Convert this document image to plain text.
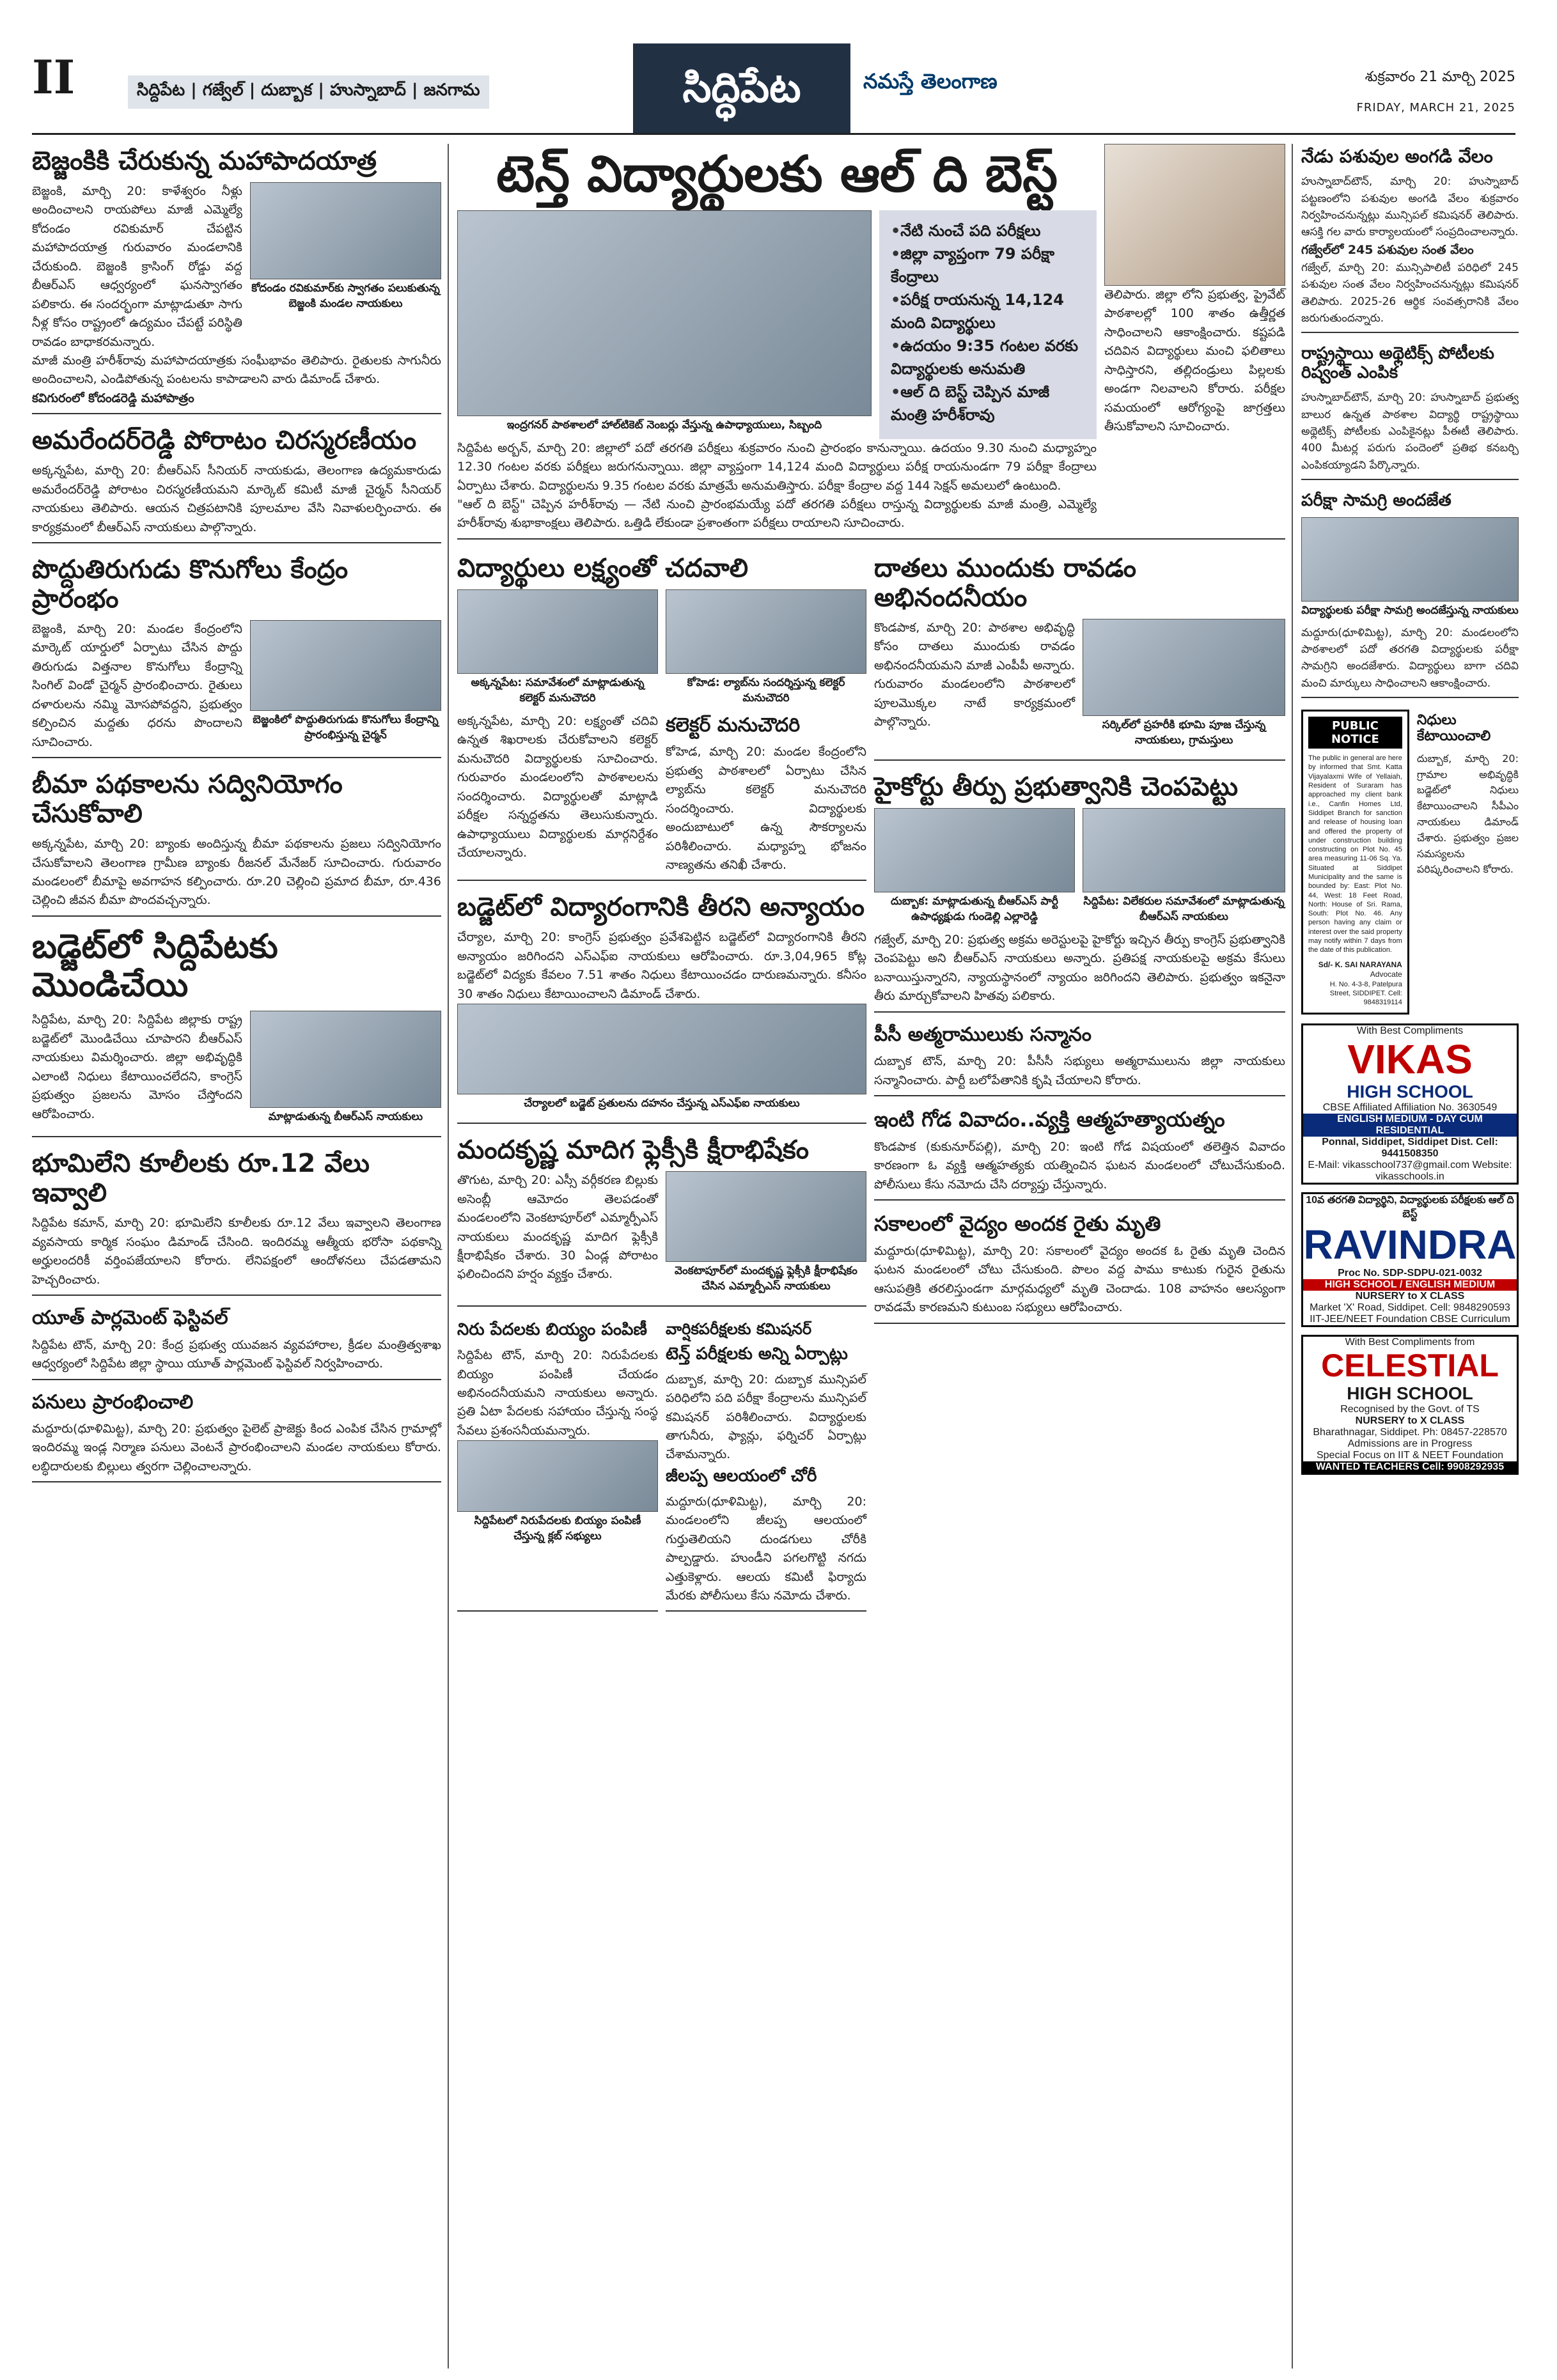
II	సిద్దిపేట | గజ్వేల్ | దుబ్బాక | హుస్నాబాద్ | జనగామ	సిద్ధిపేట	నమస్తే తెలంగాణ	శుక్రవారం 21 మార్చి 2025
FRIDAY, MARCH 21, 2025
బెజ్జంకికి చేరుకున్న మహాపాదయాత్ర
బెజ్జంకి, మార్చి 20: కాళేశ్వరం నీళ్లు అందించాలని రాయపోలు మాజీ ఎమ్మెల్యే కోదండం రవికుమార్ చేపట్టిన మహాపాదయాత్ర గురువారం మండలానికి చేరుకుంది. బెజ్జంకి క్రాసింగ్ రోడ్డు వద్ద బీఆర్ఎస్ ఆధ్వర్యంలో ఘనస్వాగతం పలికారు. ఈ సందర్భంగా మాట్లాడుతూ సాగు నీళ్ల కోసం రాష్ట్రంలో ఉద్యమం చేపట్టే పరిస్థితి రావడం బాధాకరమన్నారు.
కోదండం రవికుమార్‌కు స్వాగతం పలుకుతున్న బెజ్జంకి మండల నాయకులు
మాజీ మంత్రి హరీశ్‌రావు మహాపాదయాత్రకు సంఘీభావం తెలిపారు. రైతులకు సాగునీరు అందించాలని, ఎండిపోతున్న పంటలను కాపాడాలని వారు డిమాండ్ చేశారు.
కవిగురంలో కోదండరెడ్డి మహాపాత్రం
అమరేందర్‌రెడ్డి పోరాటం చిరస్మరణీయం
అక్కన్నపేట, మార్చి 20: బీఆర్ఎస్ సీనియర్ నాయకుడు, తెలంగాణ ఉద్యమకారుడు అమరేందర్‌రెడ్డి పోరాటం చిరస్మరణీయమని మార్కెట్ కమిటీ మాజీ చైర్మన్ సీనియర్ నాయకులు తెలిపారు. ఆయన చిత్రపటానికి పూలమాల వేసి నివాళులర్పించారు. ఈ కార్యక్రమంలో బీఆర్ఎస్ నాయకులు పాల్గొన్నారు.
పొద్దుతిరుగుడు కొనుగోలు కేంద్రం ప్రారంభం
బెజ్జంకి, మార్చి 20: మండల కేంద్రంలోని మార్కెట్ యార్డులో ఏర్పాటు చేసిన పొద్దు తిరుగుడు విత్తనాల కొనుగోలు కేంద్రాన్ని సింగిల్ విండో చైర్మన్ ప్రారంభించారు. రైతులు దళారులను నమ్మి మోసపోవద్దని, ప్రభుత్వం కల్పించిన మద్దతు ధరను పొందాలని సూచించారు.
బెజ్జంకిలో పొద్దుతిరుగుడు కొనుగోలు కేంద్రాన్ని ప్రారంభిస్తున్న చైర్మన్
బీమా పథకాలను సద్వినియోగం చేసుకోవాలి
అక్కన్నపేట, మార్చి 20: బ్యాంకు అందిస్తున్న బీమా పథకాలను ప్రజలు సద్వినియోగం చేసుకోవాలని తెలంగాణ గ్రామీణ బ్యాంకు రీజనల్ మేనేజర్ సూచించారు. గురువారం మండలంలో బీమాపై అవగాహన కల్పించారు. రూ.20 చెల్లించి ప్రమాద బీమా, రూ.436 చెల్లించి జీవన బీమా పొందవచ్చన్నారు.
బడ్జెట్‌లో సిద్దిపేటకు మొండిచేయి
సిద్దిపేట, మార్చి 20: సిద్దిపేట జిల్లాకు రాష్ట్ర బడ్జెట్‌లో మొండిచేయి చూపారని బీఆర్ఎస్ నాయకులు విమర్శించారు. జిల్లా అభివృద్ధికి ఎలాంటి నిధులు కేటాయించలేదని, కాంగ్రెస్ ప్రభుత్వం ప్రజలను మోసం చేస్తోందని ఆరోపించారు.	మాట్లాడుతున్న బీఆర్ఎస్ నాయకులు
భూమిలేని కూలీలకు రూ.12 వేలు ఇవ్వాలి
సిద్దిపేట కమాన్, మార్చి 20: భూమిలేని కూలీలకు రూ.12 వేలు ఇవ్వాలని తెలంగాణ వ్యవసాయ కార్మిక సంఘం డిమాండ్ చేసింది. ఇందిరమ్మ ఆత్మీయ భరోసా పథకాన్ని అర్హులందరికీ వర్తింపజేయాలని కోరారు. లేనిపక్షంలో ఆందోళనలు చేపడతామని హెచ్చరించారు.
యూత్ పార్లమెంట్ ఫెస్టివల్
సిద్దిపేట టౌన్, మార్చి 20: కేంద్ర ప్రభుత్వ యువజన వ్యవహారాల, క్రీడల మంత్రిత్వశాఖ ఆధ్వర్యంలో సిద్దిపేట జిల్లా స్థాయి యూత్ పార్లమెంట్ ఫెస్టివల్ నిర్వహించారు.
పనులు ప్రారంభించాలి
మద్దూరు(ధూళిమిట్ట), మార్చి 20: ప్రభుత్వం పైలెట్ ప్రాజెక్టు కింద ఎంపిక చేసిన గ్రామాల్లో ఇందిరమ్మ ఇండ్ల నిర్మాణ పనులు వెంటనే ప్రారంభించాలని మండల నాయకులు కోరారు. లబ్ధిదారులకు బిల్లులు త్వరగా చెల్లించాలన్నారు.
టెన్త్ విద్యార్థులకు ఆల్ ది బెస్ట్
ఇంద్రగనర్ పాఠశాలలో హాల్‌టికెట్ నెంబర్లు వేస్తున్న ఉపాధ్యాయులు, సిబ్బంది
• నేటి నుంచే పది పరీక్షలు
• జిల్లా వ్యాప్తంగా 79 పరీక్షా కేంద్రాలు
• పరీక్ష రాయనున్న 14,124 మంది విద్యార్థులు
• ఉదయం 9:35 గంటల వరకు విద్యార్థులకు అనుమతి
• ఆల్ ది బెస్ట్ చెప్పిన మాజీ మంత్రి హరీశ్‌రావు
సిద్దిపేట అర్బన్, మార్చి 20: జిల్లాలో పదో తరగతి పరీక్షలు శుక్రవారం నుంచి ప్రారంభం కానున్నాయి. ఉదయం 9.30 నుంచి మధ్యాహ్నం 12.30 గంటల వరకు పరీక్షలు జరుగనున్నాయి. జిల్లా వ్యాప్తంగా 14,124 మంది విద్యార్థులు పరీక్ష రాయనుండగా 79 పరీక్షా కేంద్రాలు ఏర్పాటు చేశారు. విద్యార్థులను 9.35 గంటల వరకు మాత్రమే అనుమతిస్తారు. పరీక్షా కేంద్రాల వద్ద 144 సెక్షన్ అమలులో ఉంటుంది.
"ఆల్ ది బెస్ట్" చెప్పిన హరీశ్‌రావు — నేటి నుంచి ప్రారంభమయ్యే పదో తరగతి పరీక్షలు రాస్తున్న విద్యార్థులకు మాజీ మంత్రి, ఎమ్మెల్యే హరీశ్‌రావు శుభాకాంక్షలు తెలిపారు. ఒత్తిడి లేకుండా ప్రశాంతంగా పరీక్షలు రాయాలని సూచించారు.
తెలిపారు. జిల్లా లోని ప్రభుత్వ, ప్రైవేట్ పాఠశాలల్లో 100 శాతం ఉత్తీర్ణత సాధించాలని ఆకాంక్షించారు. కష్టపడి చదివిన విద్యార్థులు మంచి ఫలితాలు సాధిస్తారని, తల్లిదండ్రులు పిల్లలకు అండగా నిలవాలని కోరారు. పరీక్షల సమయంలో ఆరోగ్యంపై జాగ్రత్తలు తీసుకోవాలని సూచించారు.
విద్యార్థులు లక్ష్యంతో చదవాలి
అక్కన్నపేట: సమావేశంలో మాట్లాడుతున్న కలెక్టర్ మనుచౌదరి
కోహెడ: ల్యాబ్‌ను సందర్శిస్తున్న కలెక్టర్ మనుచౌదరి
అక్కన్నపేట, మార్చి 20: లక్ష్యంతో చదివి ఉన్నత శిఖరాలకు చేరుకోవాలని కలెక్టర్ మనుచౌదరి విద్యార్థులకు సూచించారు. గురువారం మండలంలోని పాఠశాలలను సందర్శించారు. విద్యార్థులతో మాట్లాడి పరీక్షల సన్నద్ధతను తెలుసుకున్నారు. ఉపాధ్యాయులు విద్యార్థులకు మార్గనిర్దేశం చేయాలన్నారు.
కలెక్టర్ మనుచౌదరి
కోహెడ, మార్చి 20: మండల కేంద్రంలోని ప్రభుత్వ పాఠశాలలో ఏర్పాటు చేసిన ల్యాబ్‌ను కలెక్టర్ మనుచౌదరి సందర్శించారు. విద్యార్థులకు అందుబాటులో ఉన్న సౌకర్యాలను పరిశీలించారు. మధ్యాహ్న భోజనం నాణ్యతను తనిఖీ చేశారు.
బడ్జెట్‌లో విద్యారంగానికి తీరని అన్యాయం
చేర్యాల, మార్చి 20: కాంగ్రెస్ ప్రభుత్వం ప్రవేశపెట్టిన బడ్జెట్‌లో విద్యారంగానికి తీరని అన్యాయం జరిగిందని ఎస్ఎఫ్ఐ నాయకులు ఆరోపించారు. రూ.3,04,965 కోట్ల బడ్జెట్‌లో విద్యకు కేవలం 7.51 శాతం నిధులు కేటాయించడం దారుణమన్నారు. కనీసం 30 శాతం నిధులు కేటాయించాలని డిమాండ్ చేశారు.
చేర్యాలలో బడ్జెట్ ప్రతులను దహనం చేస్తున్న ఎస్ఎఫ్ఐ నాయకులు
మందకృష్ణ మాదిగ ఫ్లెక్సీకి క్షీరాభిషేకం
తొగుట, మార్చి 20: ఎస్సీ వర్గీకరణ బిల్లుకు అసెంబ్లీ ఆమోదం తెలపడంతో మండలంలోని వెంకటాపూర్‌లో ఎమ్మార్పీఎస్ నాయకులు మందకృష్ణ మాదిగ ఫ్లెక్సీకి క్షీరాభిషేకం చేశారు. 30 ఏండ్ల పోరాటం ఫలించిందని హర్షం వ్యక్తం చేశారు.	వెంకటాపూర్‌లో మందకృష్ణ ఫ్లెక్సీకి క్షీరాభిషేకం చేసిన ఎమ్మార్పీఎస్ నాయకులు
నిరు పేదలకు బియ్యం పంపిణీ
సిద్దిపేట టౌన్, మార్చి 20: నిరుపేదలకు బియ్యం పంపిణీ చేయడం అభినందనీయమని నాయకులు అన్నారు. ప్రతి ఏటా పేదలకు సహాయం చేస్తున్న సంస్థ సేవలు ప్రశంసనీయమన్నారు.
సిద్దిపేటలో నిరుపేదలకు బియ్యం పంపిణీ చేస్తున్న క్లబ్ సభ్యులు
వార్షికపరీక్షలకు కమిషనర్
టెన్త్ పరీక్షలకు అన్ని ఏర్పాట్లు
దుబ్బాక, మార్చి 20: దుబ్బాక మున్సిపల్ పరిధిలోని పది పరీక్షా కేంద్రాలను మున్సిపల్ కమిషనర్ పరిశీలించారు. విద్యార్థులకు తాగునీరు, ఫ్యాన్లు, ఫర్నిచర్ ఏర్పాట్లు చేశామన్నారు.
జీలప్ప ఆలయంలో చోరీ
మద్దూరు(ధూళిమిట్ట), మార్చి 20: మండలంలోని జీలప్ప ఆలయంలో గుర్తుతెలియని దుండగులు చోరీకి పాల్పడ్డారు. హుండీని పగలగొట్టి నగదు ఎత్తుకెళ్లారు. ఆలయ కమిటీ ఫిర్యాదు మేరకు పోలీసులు కేసు నమోదు చేశారు.
దాతలు ముందుకు రావడం అభినందనీయం
కొండపాక, మార్చి 20: పాఠశాల అభివృద్ధి కోసం దాతలు ముందుకు రావడం అభినందనీయమని మాజీ ఎంపీపీ అన్నారు. గురువారం మండలంలోని పాఠశాలలో పూలమొక్కల నాటే కార్యక్రమంలో పాల్గొన్నారు.	సర్కిల్‌లో ప్రహరీకి భూమి పూజ చేస్తున్న నాయకులు, గ్రామస్తులు
హైకోర్టు తీర్పు ప్రభుత్వానికి చెంపపెట్టు
దుబ్బాక: మాట్లాడుతున్న బీఆర్ఎస్ పార్టీ ఉపాధ్యక్షుడు గుండెల్లి ఎల్లారెడ్డి
సిద్దిపేట: విలేకరుల సమావేశంలో మాట్లాడుతున్న బీఆర్ఎస్ నాయకులు
గజ్వేల్, మార్చి 20: ప్రభుత్వ అక్రమ అరెస్టులపై హైకోర్టు ఇచ్చిన తీర్పు కాంగ్రెస్ ప్రభుత్వానికి చెంపపెట్టు అని బీఆర్ఎస్ నాయకులు అన్నారు. ప్రతిపక్ష నాయకులపై అక్రమ కేసులు బనాయిస్తున్నారని, న్యాయస్థానంలో న్యాయం జరిగిందని తెలిపారు. ప్రభుత్వం ఇకనైనా తీరు మార్చుకోవాలని హితవు పలికారు.
పీసీ అత్మరాములుకు సన్మానం
దుబ్బాక టౌన్, మార్చి 20: పీసీసీ సభ్యులు అత్మరాములును జిల్లా నాయకులు సన్మానించారు. పార్టీ బలోపేతానికి కృషి చేయాలని కోరారు.
ఇంటి గోడ వివాదం..వ్యక్తి ఆత్మహత్యాయత్నం
కొండపాక (కుకునూర్‌పల్లి), మార్చి 20: ఇంటి గోడ విషయంలో తలెత్తిన వివాదం కారణంగా ఓ వ్యక్తి ఆత్మహత్యకు యత్నించిన ఘటన మండలంలో చోటుచేసుకుంది. పోలీసులు కేసు నమోదు చేసి దర్యాప్తు చేస్తున్నారు.
సకాలంలో వైద్యం అందక రైతు మృతి
మద్దూరు(ధూళిమిట్ట), మార్చి 20: సకాలంలో వైద్యం అందక ఓ రైతు మృతి చెందిన ఘటన మండలంలో చోటు చేసుకుంది. పొలం వద్ద పాము కాటుకు గురైన రైతును ఆసుపత్రికి తరలిస్తుండగా మార్గమధ్యలో మృతి చెందాడు. 108 వాహనం ఆలస్యంగా రావడమే కారణమని కుటుంబ సభ్యులు ఆరోపించారు.
నేడు పశువుల అంగడి వేలం
హుస్నాబాద్‌టౌన్, మార్చి 20: హుస్నాబాద్ పట్టణంలోని పశువుల అంగడి వేలం శుక్రవారం నిర్వహించనున్నట్లు మున్సిపల్ కమిషనర్ తెలిపారు. ఆసక్తి గల వారు కార్యాలయంలో సంప్రదించాలన్నారు.
గజ్వేల్‌లో 245 పశువుల సంత వేలం
గజ్వేల్, మార్చి 20: మున్సిపాలిటీ పరిధిలో 245 పశువుల సంత వేలం నిర్వహించనున్నట్లు కమిషనర్ తెలిపారు. 2025-26 ఆర్థిక సంవత్సరానికి వేలం జరుగుతుందన్నారు.
రాష్ట్రస్థాయి అథ్లెటిక్స్ పోటీలకు రిష్వంత్ ఎంపిక
హుస్నాబాద్‌టౌన్, మార్చి 20: హుస్నాబాద్ ప్రభుత్వ బాలుర ఉన్నత పాఠశాల విద్యార్థి రాష్ట్రస్థాయి అథ్లెటిక్స్ పోటీలకు ఎంపికైనట్లు పీఈటీ తెలిపారు. 400 మీటర్ల పరుగు పందెంలో ప్రతిభ కనబర్చి ఎంపికయ్యాడని పేర్కొన్నారు.
పరీక్షా సామగ్రి అందజేత
విద్యార్థులకు పరీక్షా సామగ్రి అందజేస్తున్న నాయకులు
మద్దూరు(ధూళిమిట్ట), మార్చి 20: మండలంలోని పాఠశాలలో పదో తరగతి విద్యార్థులకు పరీక్షా సామగ్రిని అందజేశారు. విద్యార్థులు బాగా చదివి మంచి మార్కులు సాధించాలని ఆకాంక్షించారు.
PUBLIC NOTICE
The public in general are here by informed that Smt. Katta Vijayalaxmi Wife of Yellaiah, Resident of Suraram has approached my client bank i.e., Canfin Homes Ltd, Siddipet Branch for sanction and release of housing loan and offered the property of under construction building constructing on Plot No. 45 area measuring 11-06 Sq. Ya. Situated at Siddipet Municipality and the same is bounded by: East: Plot No. 44, West: 18 Feet Road, North: House of Sri. Rama, South: Plot No. 46. Any person having any claim or interest over the said property may notify within 7 days from the date of this publication.
Sd/- K. SAI NARAYANA
Advocate
H. No. 4-3-8, Patelpura Street, SIDDIPET. Cell: 9848319114
నిధులు కేటాయించాలి
దుబ్బాక, మార్చి 20: గ్రామాల అభివృద్ధికి బడ్జెట్‌లో నిధులు కేటాయించాలని సీపీఎం నాయకులు డిమాండ్ చేశారు. ప్రభుత్వం ప్రజల సమస్యలను పరిష్కరించాలని కోరారు.
With Best Compliments
VIKAS
HIGH SCHOOL
CBSE Affiliated Affiliation No. 3630549
ENGLISH MEDIUM - DAY CUM RESIDENTIAL
Ponnal, Siddipet, Siddipet Dist. Cell: 9441508350
E-Mail: vikasschool737@gmail.com Website: vikasschools.in
10వ తరగతి విద్యార్థిని, విద్యార్థులకు పరీక్షలకు ఆల్ ది బెస్ట్
RAVINDRA
Proc No. SDP-SDPU-021-0032
HIGH SCHOOL / ENGLISH MEDIUM
NURSERY to X CLASS
Market 'X' Road, Siddipet. Cell: 9848290593
IIT-JEE/NEET Foundation CBSE Curriculum
With Best Compliments from
CELESTIAL
HIGH SCHOOL
Recognised by the Govt. of TS
NURSERY to X CLASS
Bharathnagar, Siddipet. Ph: 08457-228570
Admissions are in Progress
Special Focus on IIT & NEET Foundation
WANTED TEACHERS Cell: 9908292935
